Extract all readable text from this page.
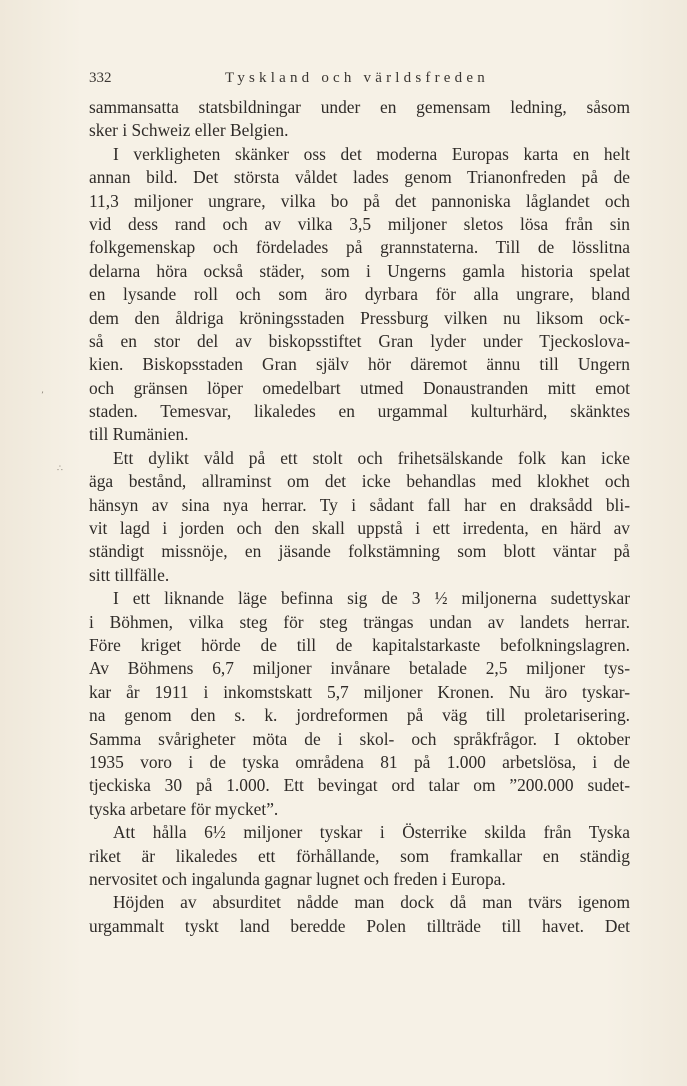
332	Tyskland och världsfreden
ʼ
∴
sammansatta statsbildningar under en gemensam ledning, såsom
sker i Schweiz eller Belgien.
I verkligheten skänker oss det moderna Europas karta en helt
annan bild. Det största våldet lades genom Trianonfreden på de
11,3 miljoner ungrare, vilka bo på det pannoniska låglandet och
vid dess rand och av vilka 3,5 miljoner sletos lösa från sin
folkgemenskap och fördelades på grannstaterna. Till de lösslitna
delarna höra också städer, som i Ungerns gamla historia spelat
en lysande roll och som äro dyrbara för alla ungrare, bland
dem den åldriga kröningsstaden Pressburg vilken nu liksom ock-
så en stor del av biskopsstiftet Gran lyder under Tjeckoslova-
kien. Biskopsstaden Gran själv hör däremot ännu till Ungern
och gränsen löper omedelbart utmed Donaustranden mitt emot
staden. Temesvar, likaledes en urgammal kulturhärd, skänktes
till Rumänien.
Ett dylikt våld på ett stolt och frihetsälskande folk kan icke
äga bestånd, allraminst om det icke behandlas med klokhet och
hänsyn av sina nya herrar. Ty i sådant fall har en draksådd bli-
vit lagd i jorden och den skall uppstå i ett irredenta, en härd av
ständigt missnöje, en jäsande folkstämning som blott väntar på
sitt tillfälle.
I ett liknande läge befinna sig de 3 ½ miljonerna sudettyskar
i Böhmen, vilka steg för steg trängas undan av landets herrar.
Före kriget hörde de till de kapitalstarkaste befolkningslagren.
Av Böhmens 6,7 miljoner invånare betalade 2,5 miljoner tys-
kar år 1911 i inkomstskatt 5,7 miljoner Kronen. Nu äro tyskar-
na genom den s. k. jordreformen på väg till proletarisering.
Samma svårigheter möta de i skol- och språkfrågor. I oktober
1935 voro i de tyska områdena 81 på 1.000 arbetslösa, i de
tjeckiska 30 på 1.000. Ett bevingat ord talar om ”200.000 sudet-
tyska arbetare för mycket”.
Att hålla 6½ miljoner tyskar i Österrike skilda från Tyska
riket är likaledes ett förhållande, som framkallar en ständig
nervositet och ingalunda gagnar lugnet och freden i Europa.
Höjden av absurditet nådde man dock då man tvärs igenom
urgammalt tyskt land beredde Polen tillträde till havet. Det
